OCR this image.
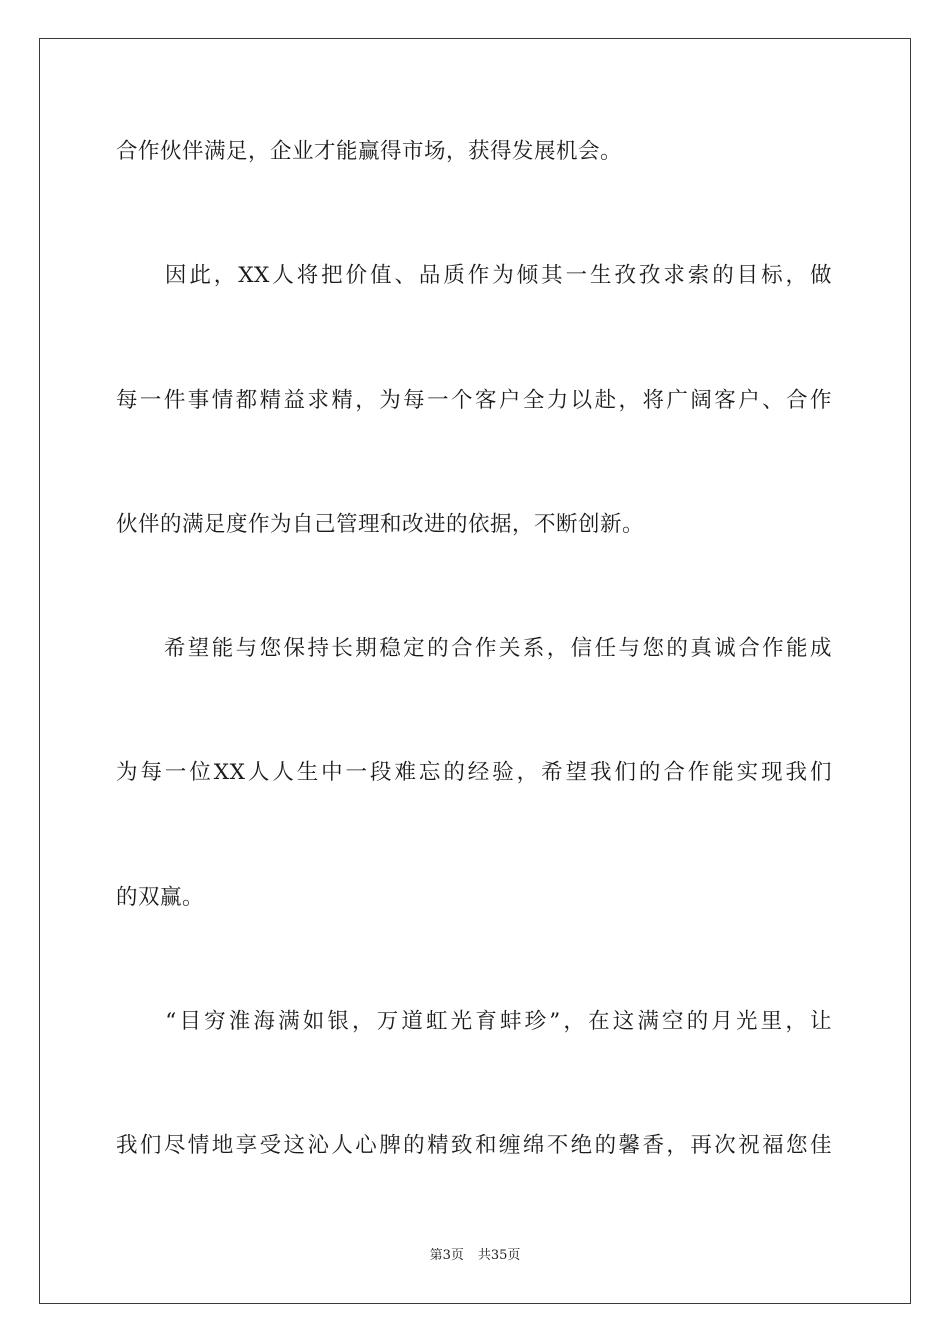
合作伙伴满足，企业才能赢得市场，获得发展机会。
　　因此，XX人将把价值、品质作为倾其一生孜孜求索的目标，做
每一件事情都精益求精，为每一个客户全力以赴，将广阔客户、合作
伙伴的满足度作为自己管理和改进的依据，不断创新。
　　希望能与您保持长期稳定的合作关系，信任与您的真诚合作能成
为每一位XX人人生中一段难忘的经验，希望我们的合作能实现我们
的双赢。
　　“目穷淮海满如银，万道虹光育蚌珍”，在这满空的月光里，让
我们尽情地享受这沁人心脾的精致和缠绵不绝的馨香，再次祝福您佳
第3页 共35页
